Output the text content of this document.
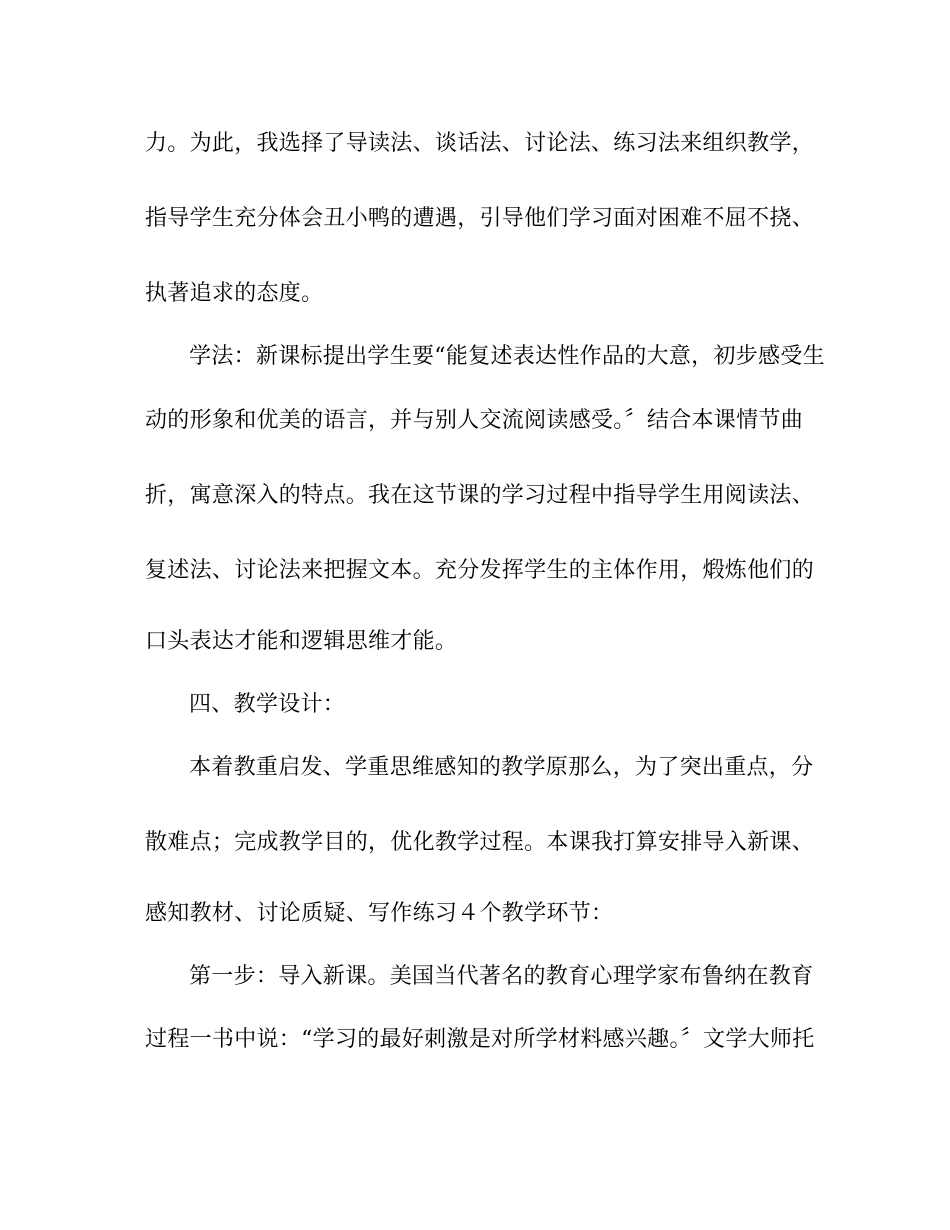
力。为此，我选择了导读法、谈话法、讨论法、练习法来组织教学，
指导学生充分体会丑小鸭的遭遇，引导他们学习面对困难不屈不挠、
执著追求的态度。
学法：新课标提出学生要“能复述表达性作品的大意，初步感受生
动的形象和优美的语言，并与别人交流阅读感受。〞结合本课情节曲
折，寓意深入的特点。我在这节课的学习过程中指导学生用阅读法、
复述法、讨论法来把握文本。充分发挥学生的主体作用，煅炼他们的
口头表达才能和逻辑思维才能。
四、教学设计：
本着教重启发、学重思维感知的教学原那么，为了突出重点，分
散难点；完成教学目的，优化教学过程。本课我打算安排导入新课、
感知教材、讨论质疑、写作练习４个教学环节：
第一步：导入新课。美国当代著名的教育心理学家布鲁纳在教育
过程一书中说：“学习的最好刺激是对所学材料感兴趣。〞文学大师托
